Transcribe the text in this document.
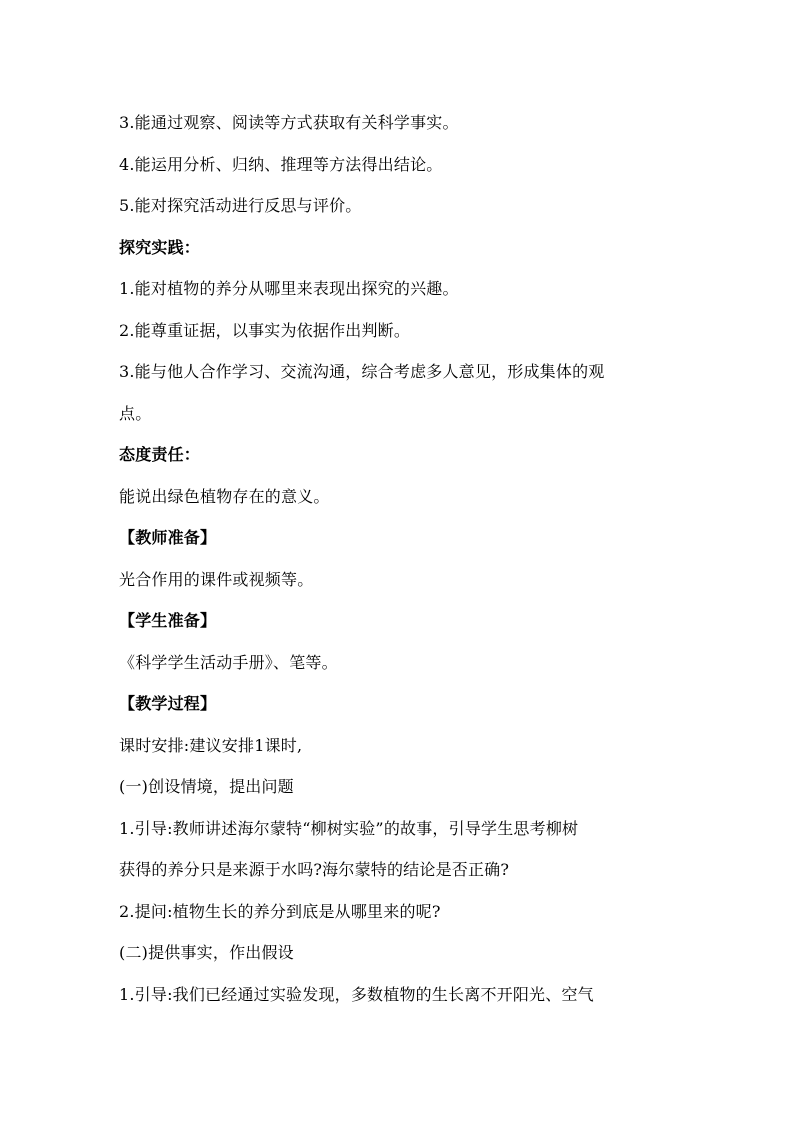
3.能通过观察、阅读等方式获取有关科学事实。
4.能运用分析、归纳、推理等方法得出结论。
5.能对探究活动进行反思与评价。
探究实践：
1.能对植物的养分从哪里来表现出探究的兴趣。
2.能尊重证据，以事实为依据作出判断。
3.能与他人合作学习、交流沟通，综合考虑多人意见，形成集体的观
点。
态度责任：
能说出绿色植物存在的意义。
【教师准备】
光合作用的课件或视频等。
【学生准备】
《科学学生活动手册》、笔等。
【教学过程】
课时安排:建议安排1课时,
(一)创设情境，提出问题
1.引导:教师讲述海尔蒙特“柳树实验”的故事，引导学生思考柳树
获得的养分只是来源于水吗?海尔蒙特的结论是否正确?
2.提问:植物生长的养分到底是从哪里来的呢?
(二)提供事实，作出假设
1.引导:我们已经通过实验发现，多数植物的生长离不开阳光、空气
